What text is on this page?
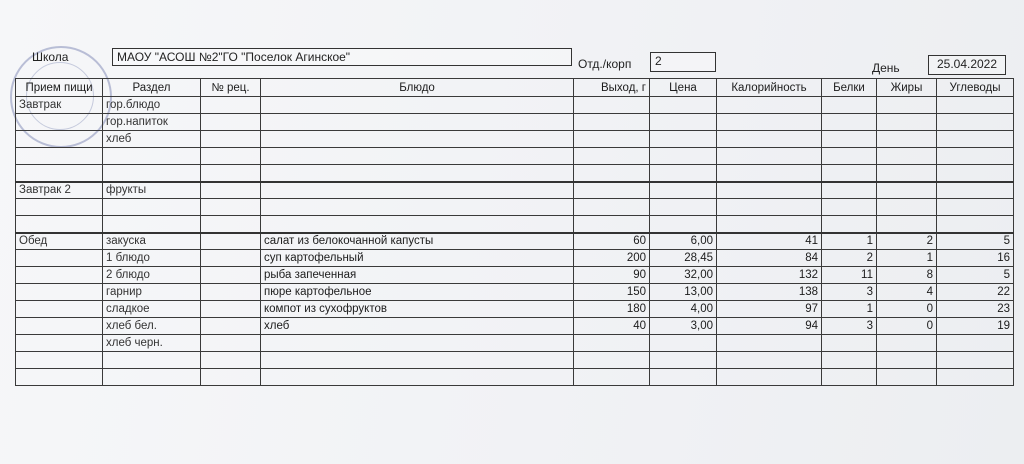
Школа	МАОУ "АСОШ №2"ГО "Поселок Агинское"	Отд./корп	2	День	25.04.2022
Прием пищи	Раздел	№ рец.	Блюдо	Выход, г	Цена	Калорийность	Белки	Жиры	Углеводы
Завтрак	гор.блюдо								
	гор.напиток								
	хлеб								

Завтрак 2	фрукты								

Обед	закуска		салат из белокочанной капусты	60	6,00	41	1	2	5
	1 блюдо		суп картофельный	200	28,45	84	2	1	16
	2 блюдо		рыба запеченная	90	32,00	132	11	8	5
	гарнир		пюре картофельное	150	13,00	138	3	4	22
	сладкое		компот из сухофруктов	180	4,00	97	1	0	23
	хлеб бел.		хлеб	40	3,00	94	3	0	19
	хлеб черн.								
